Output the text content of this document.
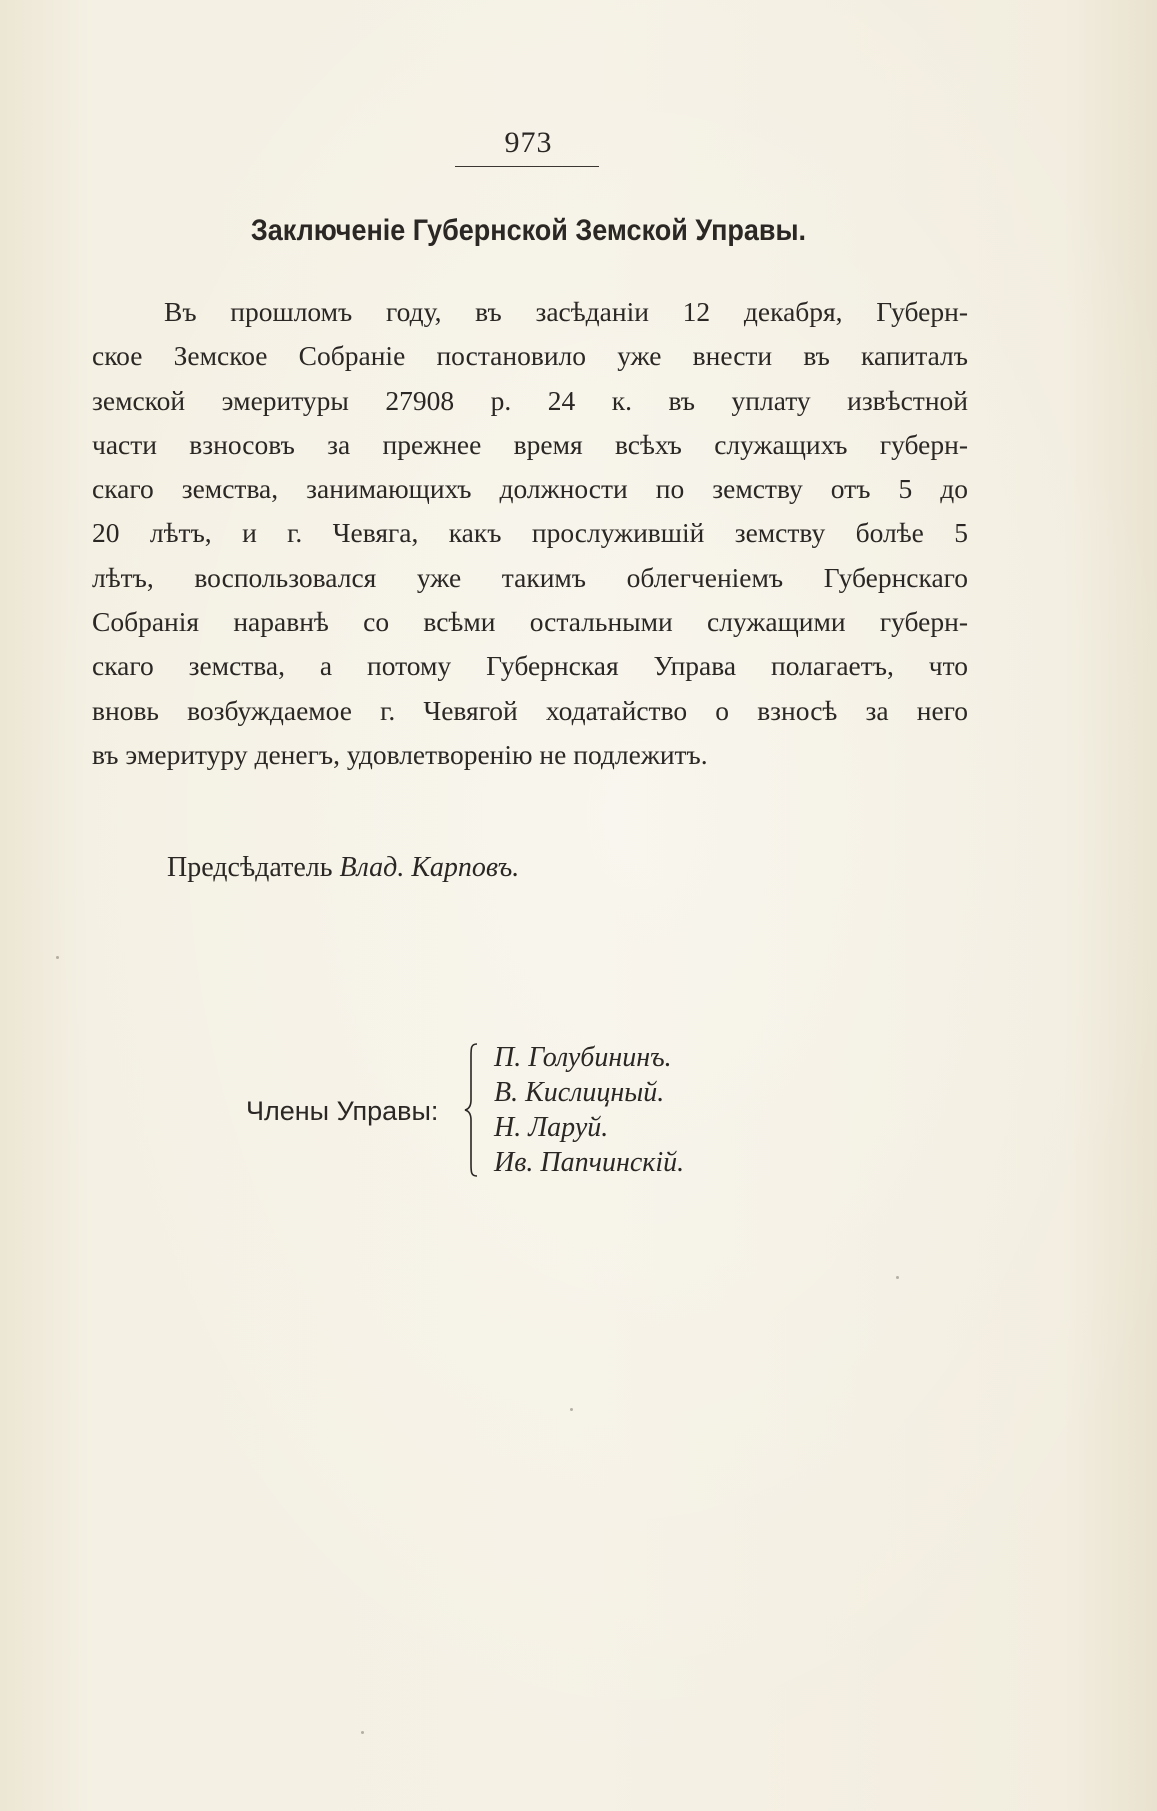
973
Заключенiе Губернской Земской Управы.
Въ прошломъ году, въ засѣданiи 12 декабря, Губерн-
ское Земское Собранiе постановило уже внести въ капиталъ
земской эмеритуры 27908 р. 24 к. въ уплату извѣстной
части взносовъ за прежнее время всѣхъ служащихъ губерн-
скаго земства, занимающихъ должности по земству отъ 5 до
20 лѣтъ, и г. Чевяга, какъ прослужившiй земству болѣе 5
лѣтъ, воспользовался уже такимъ облегченiемъ Губернскаго
Собранiя наравнѣ со всѣми остальными служащими губерн-
скаго земства, а потому Губернская Управа полагаетъ, что
вновь возбуждаемое г. Чевягой ходатайство о взносѣ за него
въ эмеритуру денегъ, удовлетворенiю не подлежитъ.
Предсѣдатель Влад. Карповъ.
Члены Управы:
П. Голубининъ.
В. Кислицный.
Н. Ларуй.
Ив. Папчинскiй.
